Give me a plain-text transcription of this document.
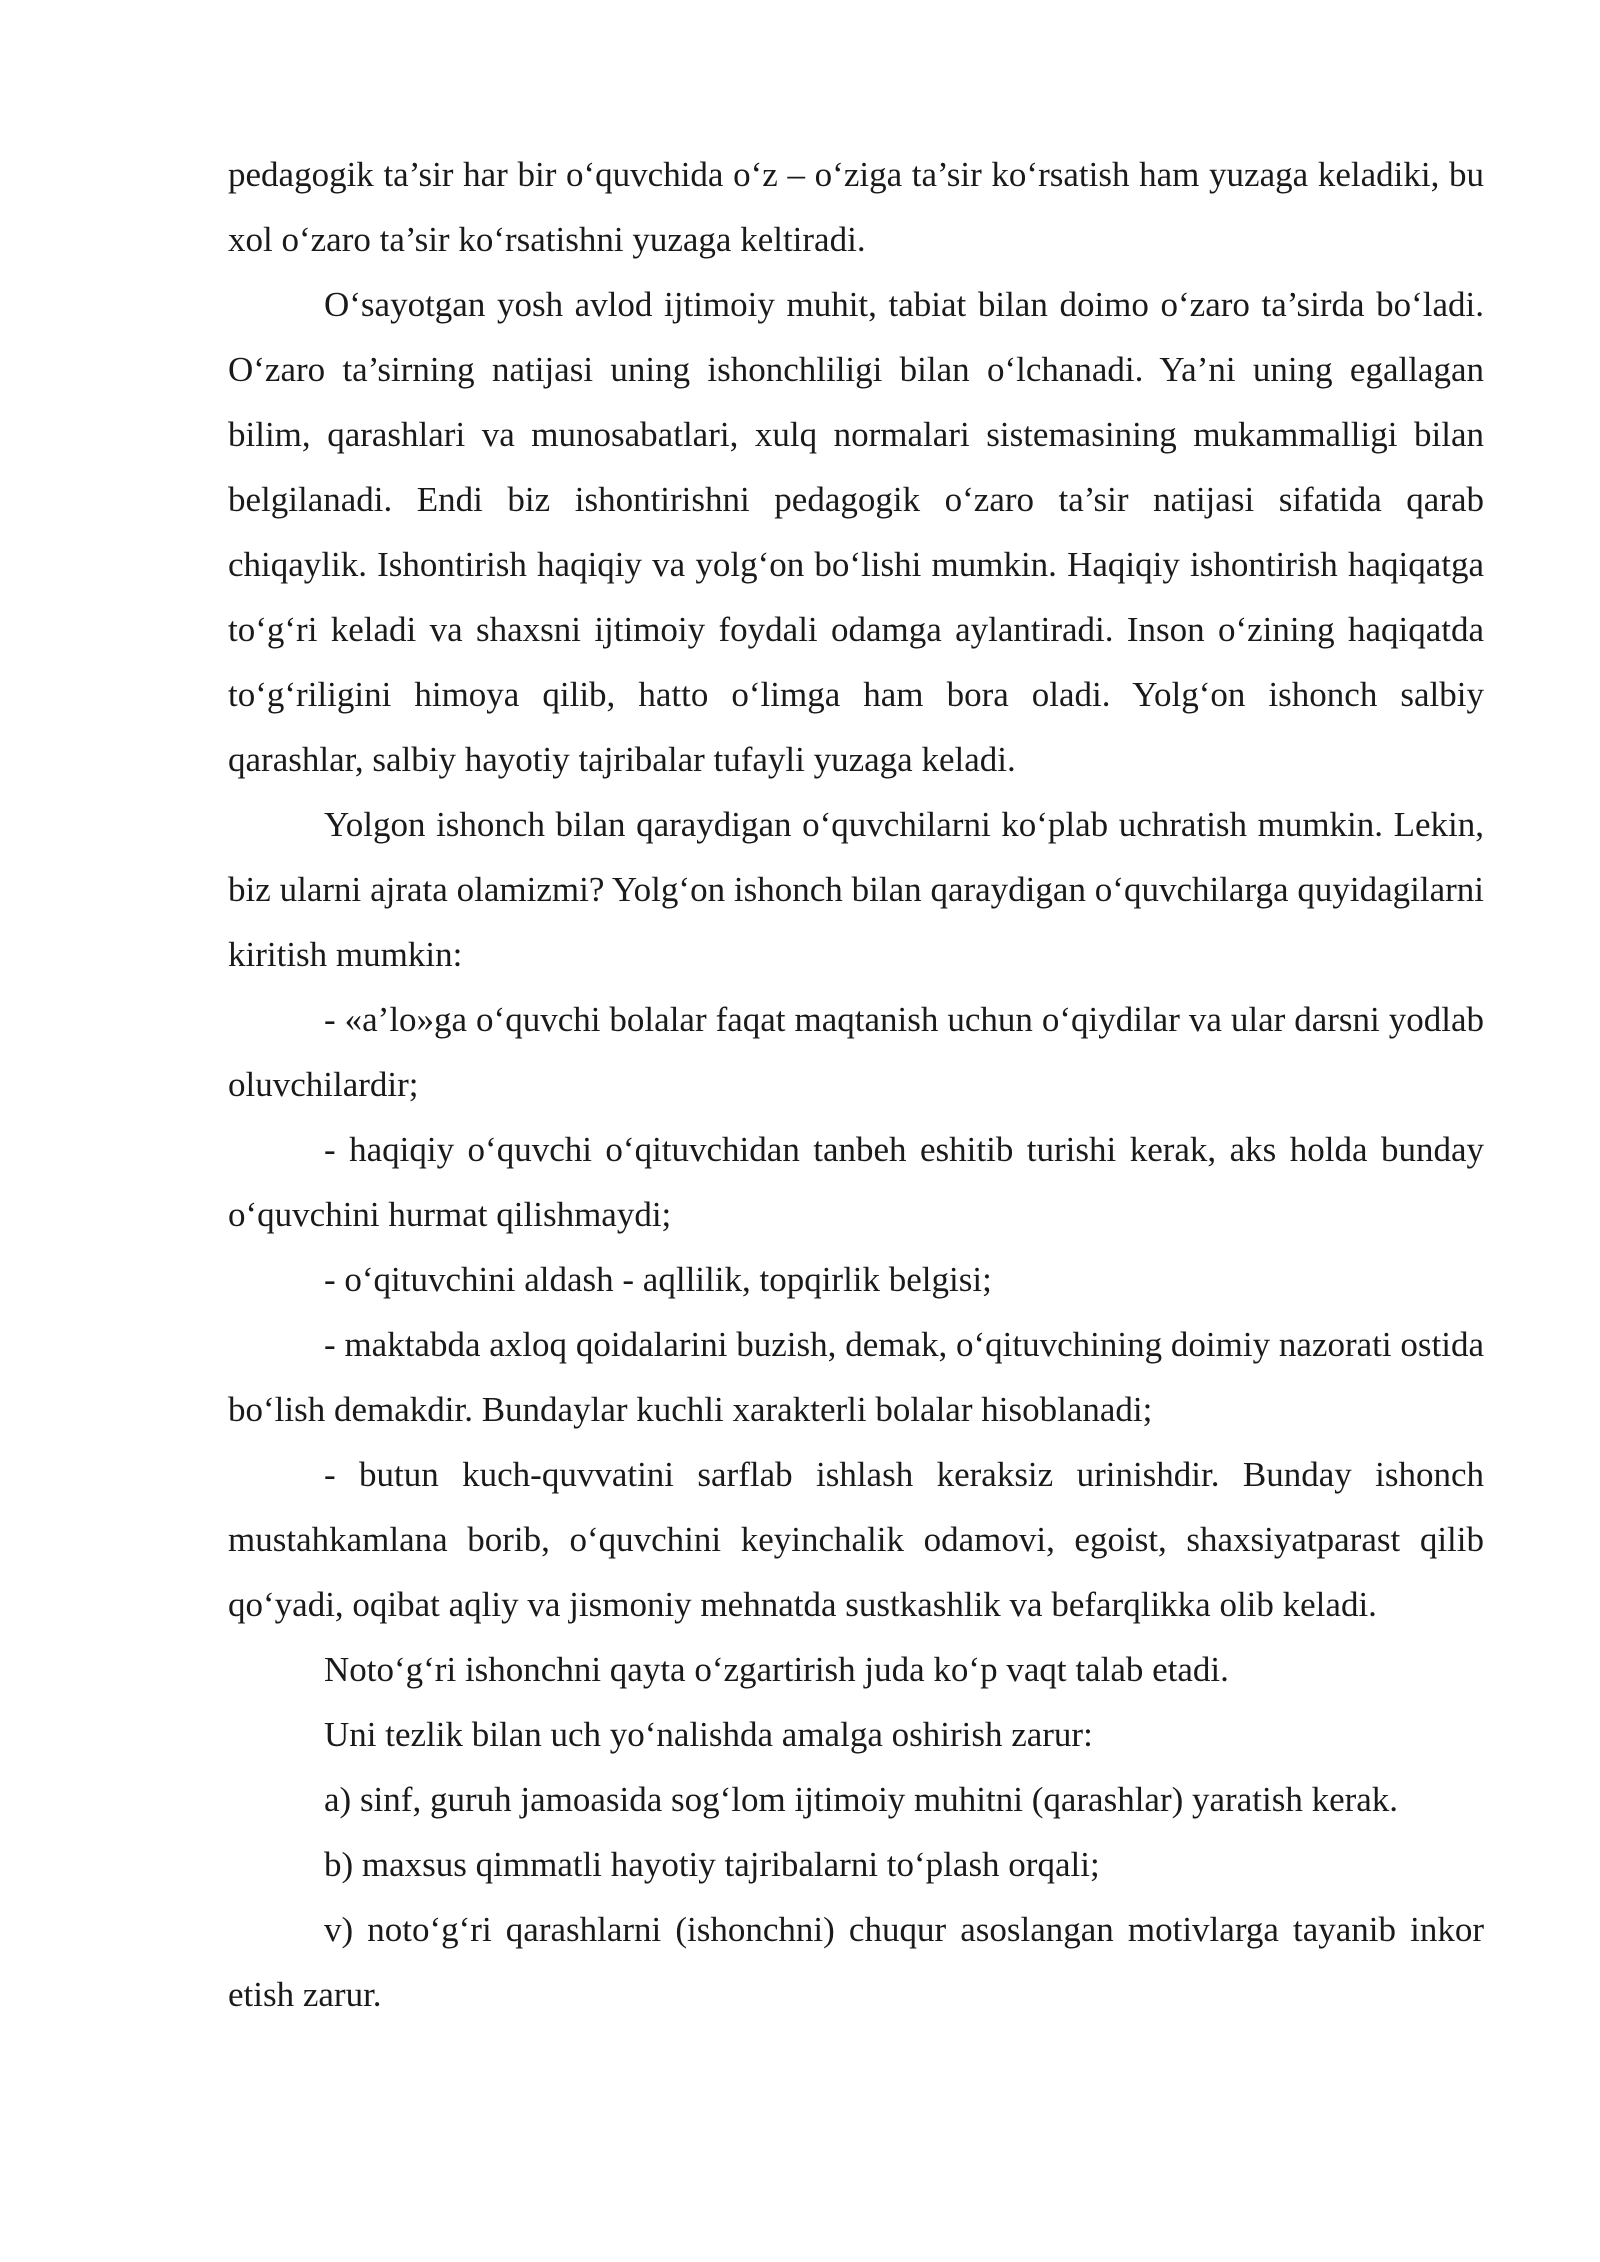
pedagogik ta’sir har bir o‘quvchida o‘z – o‘ziga ta’sir ko‘rsatish ham yuzaga keladiki, bu xol o‘zaro ta’sir ko‘rsatishni yuzaga keltiradi.

O‘sayotgan yosh avlod ijtimoiy muhit, tabiat bilan doimo o‘zaro ta’sirda bo‘ladi. O‘zaro ta’sirning natijasi uning ishonchliligi bilan o‘lchanadi. Ya’ni uning egallagan bilim, qarashlari va munosabatlari, xulq normalari sistemasining mukammalligi bilan belgilanadi. Endi biz ishontirishni pedagogik o‘zaro ta’sir natijasi sifatida qarab chiqaylik. Ishontirish haqiqiy va yolg‘on bo‘lishi mumkin. Haqiqiy ishontirish haqiqatga to‘g‘ri keladi va shaxsni ijtimoiy foydali odamga aylantiradi. Inson o‘zining haqiqatda to‘g‘riligini himoya qilib, hatto o‘limga ham bora oladi. Yolg‘on ishonch salbiy qarashlar, salbiy hayotiy tajribalar tufayli yuzaga keladi.

Yolgon ishonch bilan qaraydigan o‘quvchilarni ko‘plab uchratish mumkin. Lekin, biz ularni ajrata olamizmi? Yolg‘on ishonch bilan qaraydigan o‘quvchilarga quyidagilarni kiritish mumkin:

- «a’lo»ga o‘quvchi bolalar faqat maqtanish uchun o‘qiydilar va ular darsni yodlab oluvchilardir;

- haqiqiy o‘quvchi o‘qituvchidan tanbeh eshitib turishi kerak, aks holda bunday o‘quvchini hurmat qilishmaydi;

- o‘qituvchini aldash - aqllilik, topqirlik belgisi;

- maktabda axloq qoidalarini buzish, demak, o‘qituvchining doimiy nazorati ostida bo‘lish demakdir. Bundaylar kuchli xarakterli bolalar hisoblanadi;

- butun kuch-quvvatini sarflab ishlash keraksiz urinishdir. Bunday ishonch mustahkamlana borib, o‘quvchini keyinchalik odamovi, egoist, shaxsiyatparast qilib qo‘yadi, oqibat aqliy va jismoniy mehnatda sustkashlik va befarqlikka olib keladi.

Noto‘g‘ri ishonchni qayta o‘zgartirish juda ko‘p vaqt talab etadi.

Uni tezlik bilan uch yo‘nalishda amalga oshirish zarur:

a) sinf, guruh jamoasida sog‘lom ijtimoiy muhitni (qarashlar) yaratish kerak.

b) maxsus qimmatli hayotiy tajribalarni to‘plash orqali;

v) noto‘g‘ri qarashlarni (ishonchni) chuqur asoslangan motivlarga tayanib inkor etish zarur.
